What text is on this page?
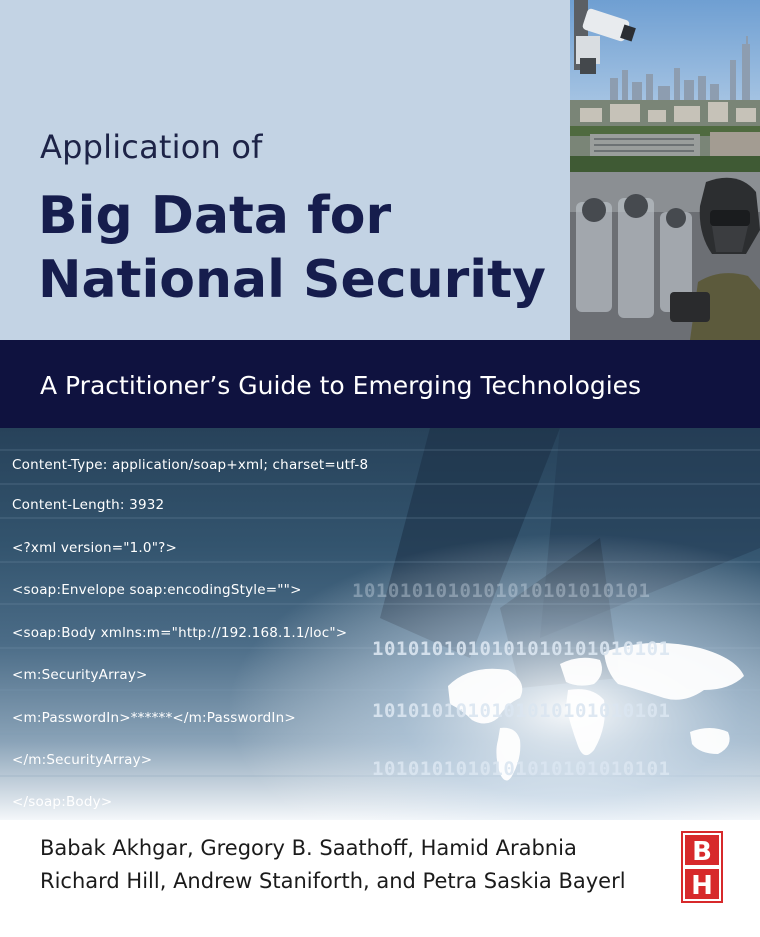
Application of
Big Data for
National Security
A Practitioner’s Guide to Emerging Technologies
Content-Type: application/soap+xml; charset=utf-8
Content-Length: 3932
<?xml version="1.0"?>
<soap:Envelope soap:encodingStyle="">
<soap:Body xmlns:m="http://192.168.1.1/loc">
<m:SecurityArray>
<m:PasswordIn>******</m:PasswordIn>
</m:SecurityArray>
</soap:Body>
1010101010101010101010101
1010101010101010101010101
1010101010101010101010101
1010101010101010101010101
Babak Akhgar, Gregory B. Saathoff, Hamid Arabnia
Richard Hill, Andrew Staniforth, and Petra Saskia Bayerl
B
H
